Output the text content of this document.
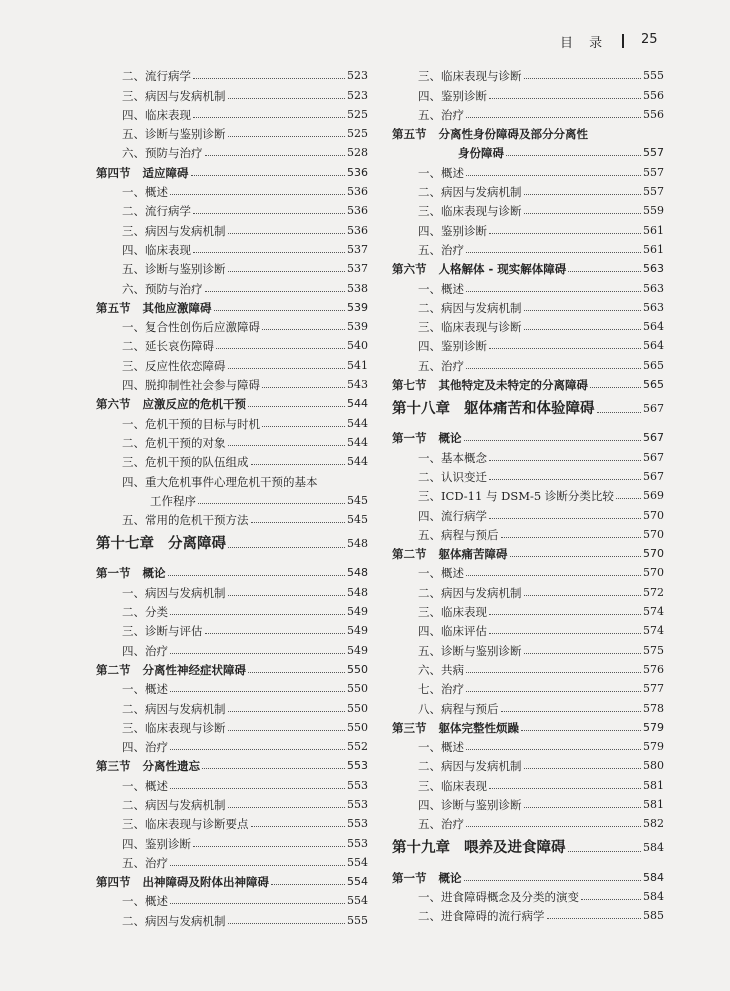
目 录	25
二、流行病学	523
三、病因与发病机制	523
四、临床表现	525
五、诊断与鉴别诊断	525
六、预防与治疗	528
第四节 适应障碍	536
一、概述	536
二、流行病学	536
三、病因与发病机制	536
四、临床表现	537
五、诊断与鉴别诊断	537
六、预防与治疗	538
第五节 其他应激障碍	539
一、复合性创伤后应激障碍	539
二、延长哀伤障碍	540
三、反应性依恋障碍	541
四、脱抑制性社会参与障碍	543
第六节 应激反应的危机干预	544
一、危机干预的目标与时机	544
二、危机干预的对象	544
三、危机干预的队伍组成	544
四、重大危机事件心理危机干预的基本
工作程序	545
五、常用的危机干预方法	545
第十七章 分离障碍	548
第一节 概论	548
一、病因与发病机制	548
二、分类	549
三、诊断与评估	549
四、治疗	549
第二节 分离性神经症状障碍	550
一、概述	550
二、病因与发病机制	550
三、临床表现与诊断	550
四、治疗	552
第三节 分离性遗忘	553
一、概述	553
二、病因与发病机制	553
三、临床表现与诊断要点	553
四、鉴别诊断	553
五、治疗	554
第四节 出神障碍及附体出神障碍	554
一、概述	554
二、病因与发病机制	555
三、临床表现与诊断	555
四、鉴别诊断	556
五、治疗	556
第五节 分离性身份障碍及部分分离性
身份障碍	557
一、概述	557
二、病因与发病机制	557
三、临床表现与诊断	559
四、鉴别诊断	561
五、治疗	561
第六节 人格解体 - 现实解体障碍	563
一、概述	563
二、病因与发病机制	563
三、临床表现与诊断	564
四、鉴别诊断	564
五、治疗	565
第七节 其他特定及未特定的分离障碍	565
第十八章 躯体痛苦和体验障碍	567
第一节 概论	567
一、基本概念	567
二、认识变迁	567
三、ICD-11 与 DSM-5 诊断分类比较	569
四、流行病学	570
五、病程与预后	570
第二节 躯体痛苦障碍	570
一、概述	570
二、病因与发病机制	572
三、临床表现	574
四、临床评估	574
五、诊断与鉴别诊断	575
六、共病	576
七、治疗	577
八、病程与预后	578
第三节 躯体完整性烦躁	579
一、概述	579
二、病因与发病机制	580
三、临床表现	581
四、诊断与鉴别诊断	581
五、治疗	582
第十九章 喂养及进食障碍	584
第一节 概论	584
一、进食障碍概念及分类的演变	584
二、进食障碍的流行病学	585
